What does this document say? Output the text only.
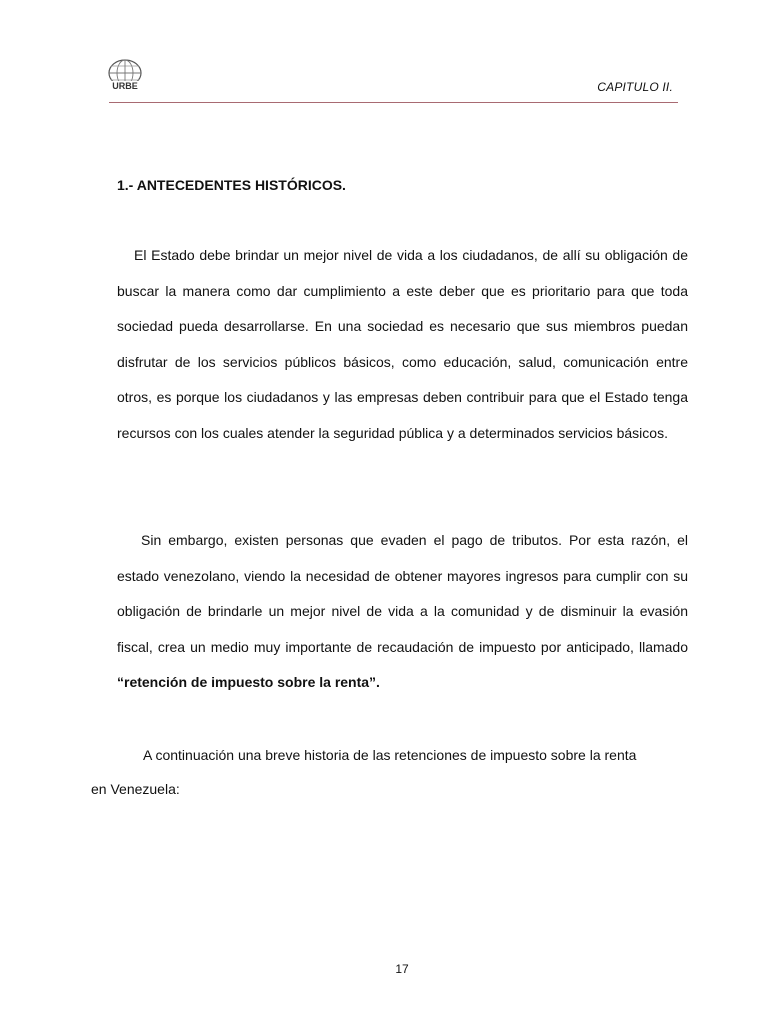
URBE	CAPITULO II.
1.- ANTECEDENTES HISTÓRICOS.

El Estado debe brindar un mejor nivel de vida a los ciudadanos, de allí su obligación de buscar la manera como dar cumplimiento a este deber que es prioritario para que toda sociedad pueda desarrollarse. En una sociedad es necesario que sus miembros puedan disfrutar de los servicios públicos básicos, como educación, salud, comunicación entre otros, es porque los ciudadanos y las empresas deben contribuir para que el Estado tenga recursos con los cuales atender la seguridad pública y a determinados servicios básicos.

Sin embargo, existen personas que evaden el pago de tributos. Por esta razón, el estado venezolano, viendo la necesidad de obtener mayores ingresos para cumplir con su obligación de brindarle un mejor nivel de vida a la comunidad y de disminuir la evasión fiscal, crea un medio muy importante de recaudación de impuesto por anticipado, llamado “retención de impuesto sobre la renta”.

A continuación una breve historia de las retenciones de impuesto sobre la renta
en Venezuela:

17
